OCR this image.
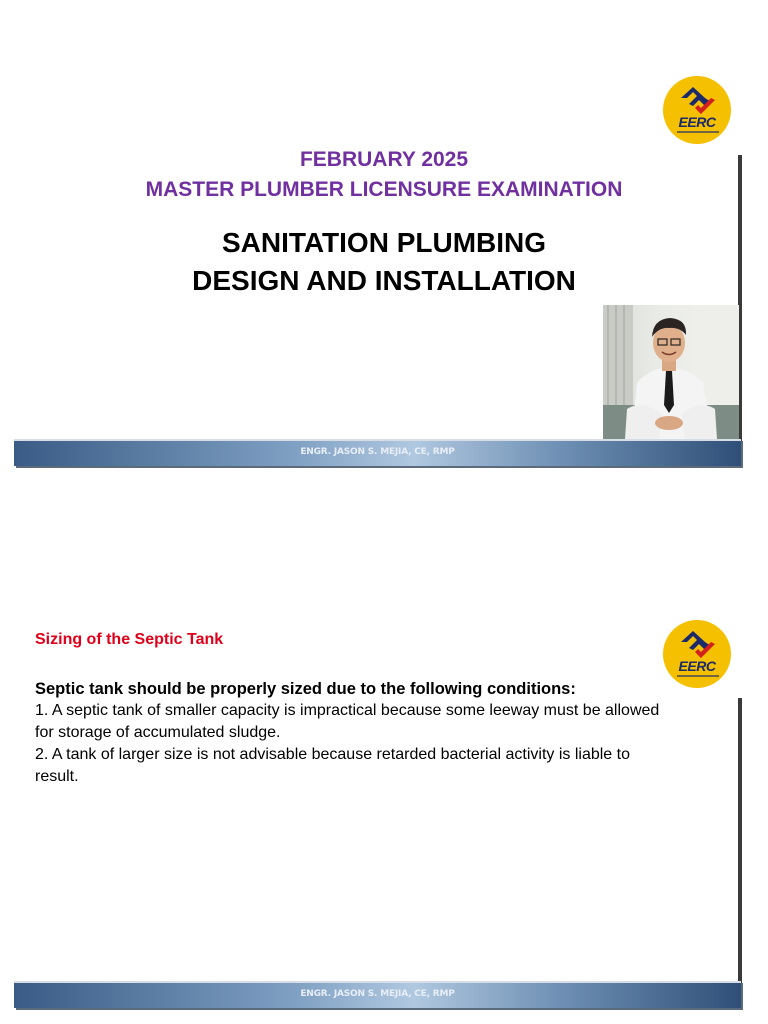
EERC
FEBRUARY 2025
MASTER PLUMBER LICENSURE EXAMINATION
SANITATION PLUMBING
DESIGN AND INSTALLATION
ENGR. JASON S. MEJIA, CE, RMP
EERC
Sizing of the Septic Tank
Septic tank should be properly sized due to the following conditions:
1. A septic tank of smaller capacity is impractical because some leeway must be allowed for storage of accumulated sludge.
2. A tank of larger size is not advisable because retarded bacterial activity is liable to result.
ENGR. JASON S. MEJIA, CE, RMP
